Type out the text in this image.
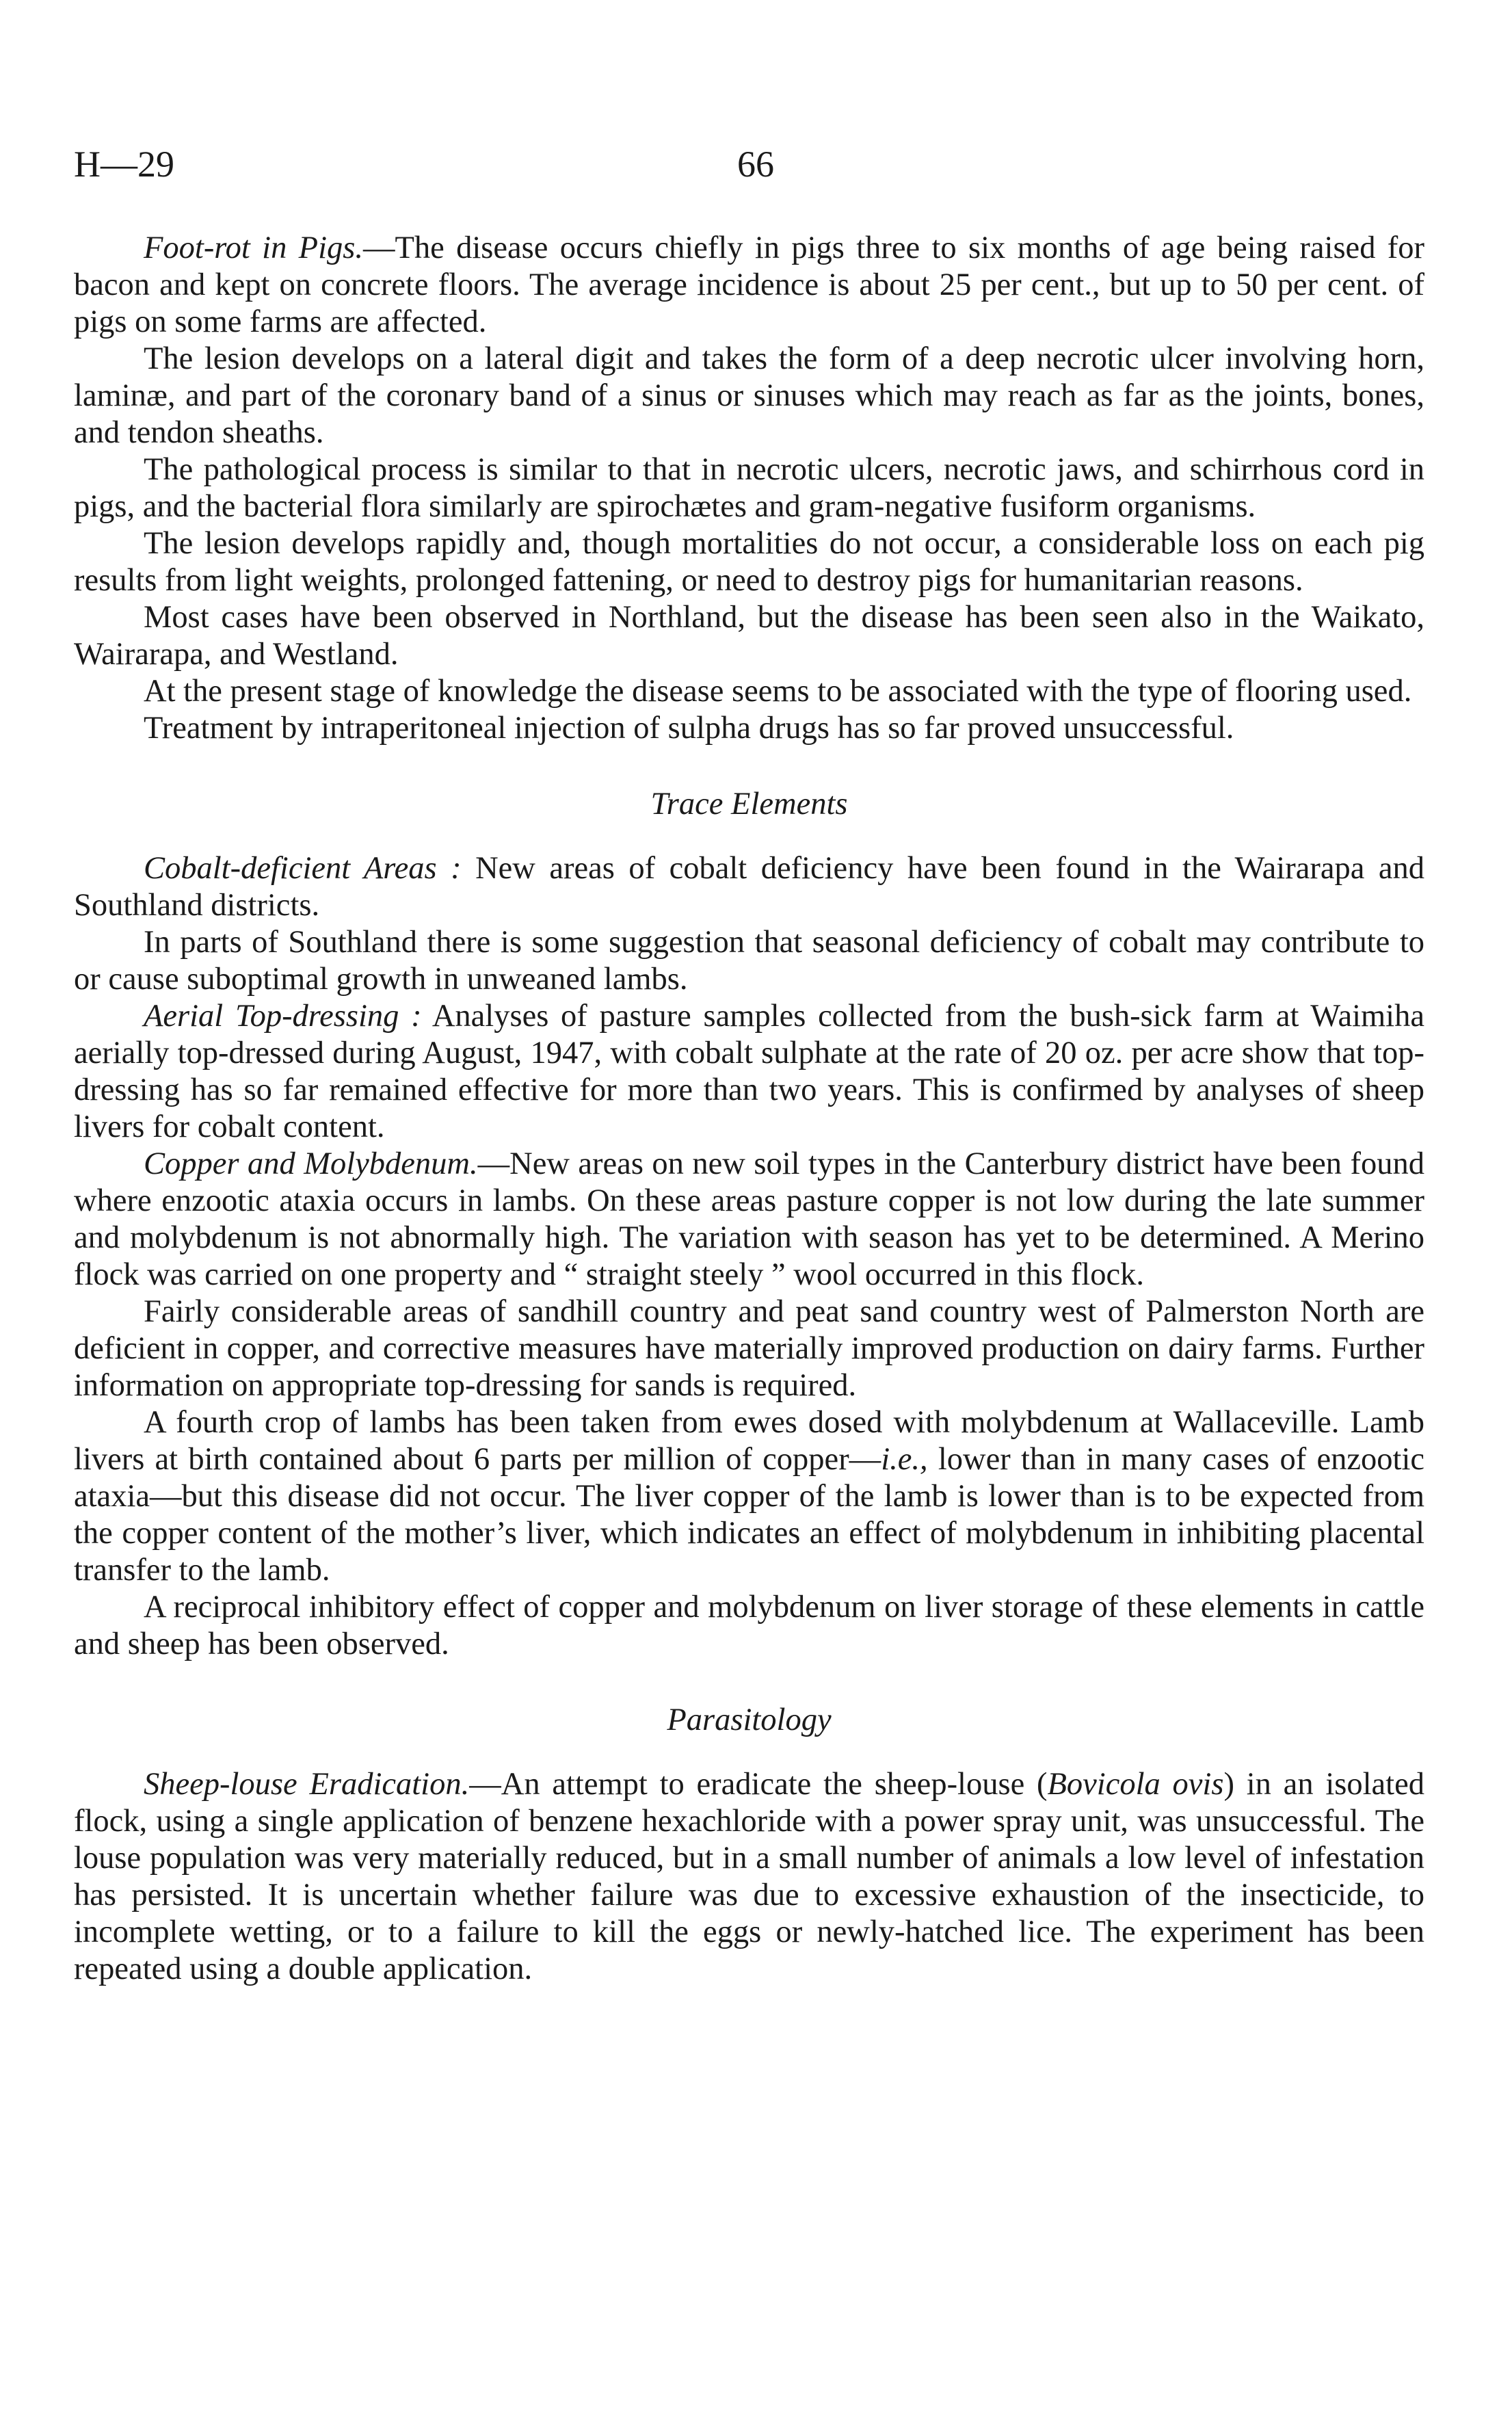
H—29	66

Foot-rot in Pigs.—The disease occurs chiefly in pigs three to six months of age being raised for bacon and kept on concrete floors. The average incidence is about 25 per cent., but up to 50 per cent. of pigs on some farms are affected.

The lesion develops on a lateral digit and takes the form of a deep necrotic ulcer involving horn, laminæ, and part of the coronary band of a sinus or sinuses which may reach as far as the joints, bones, and tendon sheaths.

The pathological process is similar to that in necrotic ulcers, necrotic jaws, and schirrhous cord in pigs, and the bacterial flora similarly are spirochætes and gram-negative fusiform organisms.

The lesion develops rapidly and, though mortalities do not occur, a considerable loss on each pig results from light weights, prolonged fattening, or need to destroy pigs for humanitarian reasons.

Most cases have been observed in Northland, but the disease has been seen also in the Waikato, Wairarapa, and Westland.

At the present stage of knowledge the disease seems to be associated with the type of flooring used.

Treatment by intraperitoneal injection of sulpha drugs has so far proved unsuccessful.

Trace Elements

Cobalt-deficient Areas : New areas of cobalt deficiency have been found in the Wairarapa and Southland districts.

In parts of Southland there is some suggestion that seasonal deficiency of cobalt may contribute to or cause suboptimal growth in unweaned lambs.

Aerial Top-dressing : Analyses of pasture samples collected from the bush-sick farm at Waimiha aerially top-dressed during August, 1947, with cobalt sulphate at the rate of 20 oz. per acre show that top-dressing has so far remained effective for more than two years. This is confirmed by analyses of sheep livers for cobalt content.

Copper and Molybdenum.—New areas on new soil types in the Canterbury district have been found where enzootic ataxia occurs in lambs. On these areas pasture copper is not low during the late summer and molybdenum is not abnormally high. The variation with season has yet to be determined. A Merino flock was carried on one property and “ straight steely ” wool occurred in this flock.

Fairly considerable areas of sandhill country and peat sand country west of Palmerston North are deficient in copper, and corrective measures have materially improved production on dairy farms. Further information on appropriate top-dressing for sands is required.

A fourth crop of lambs has been taken from ewes dosed with molybdenum at Wallaceville. Lamb livers at birth contained about 6 parts per million of copper—i.e., lower than in many cases of enzootic ataxia—but this disease did not occur. The liver copper of the lamb is lower than is to be expected from the copper content of the mother’s liver, which indicates an effect of molybdenum in inhibiting placental transfer to the lamb.

A reciprocal inhibitory effect of copper and molybdenum on liver storage of these elements in cattle and sheep has been observed.

Parasitology

Sheep-louse Eradication.—An attempt to eradicate the sheep-louse (Bovicola ovis) in an isolated flock, using a single application of benzene hexachloride with a power spray unit, was unsuccessful. The louse population was very materially reduced, but in a small number of animals a low level of infestation has persisted. It is uncertain whether failure was due to excessive exhaustion of the insecticide, to incomplete wetting, or to a failure to kill the eggs or newly-hatched lice. The experiment has been repeated using a double application.
